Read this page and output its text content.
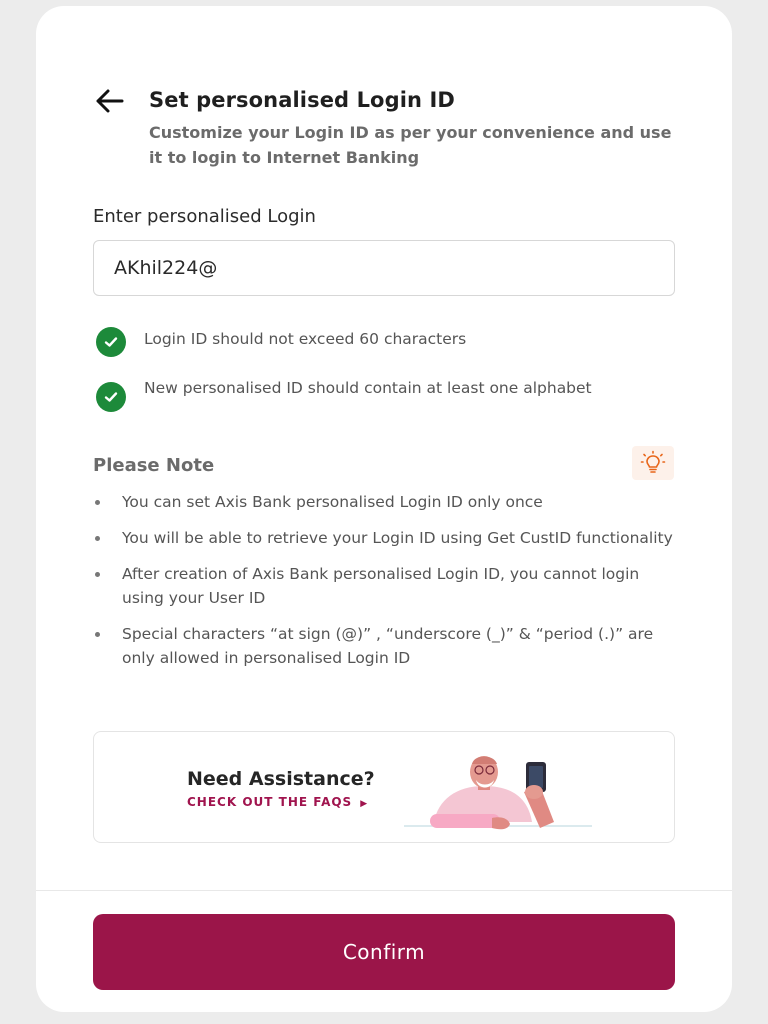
Set personalised Login ID
Customize your Login ID as per your convenience and use it to login to Internet Banking
Enter personalised Login
AKhil224@
Login ID should not exceed 60 characters
New personalised ID should contain at least one alphabet
Please Note
You can set Axis Bank personalised Login ID only once
You will be able to retrieve your Login ID using Get CustID functionality
After creation of Axis Bank personalised Login ID, you cannot login using your User ID
Special characters “at sign (@)” , “underscore (_)” & “period (.)” are only allowed in personalised Login ID
Need Assistance?
CHECK OUT THE FAQS ▶
Confirm
